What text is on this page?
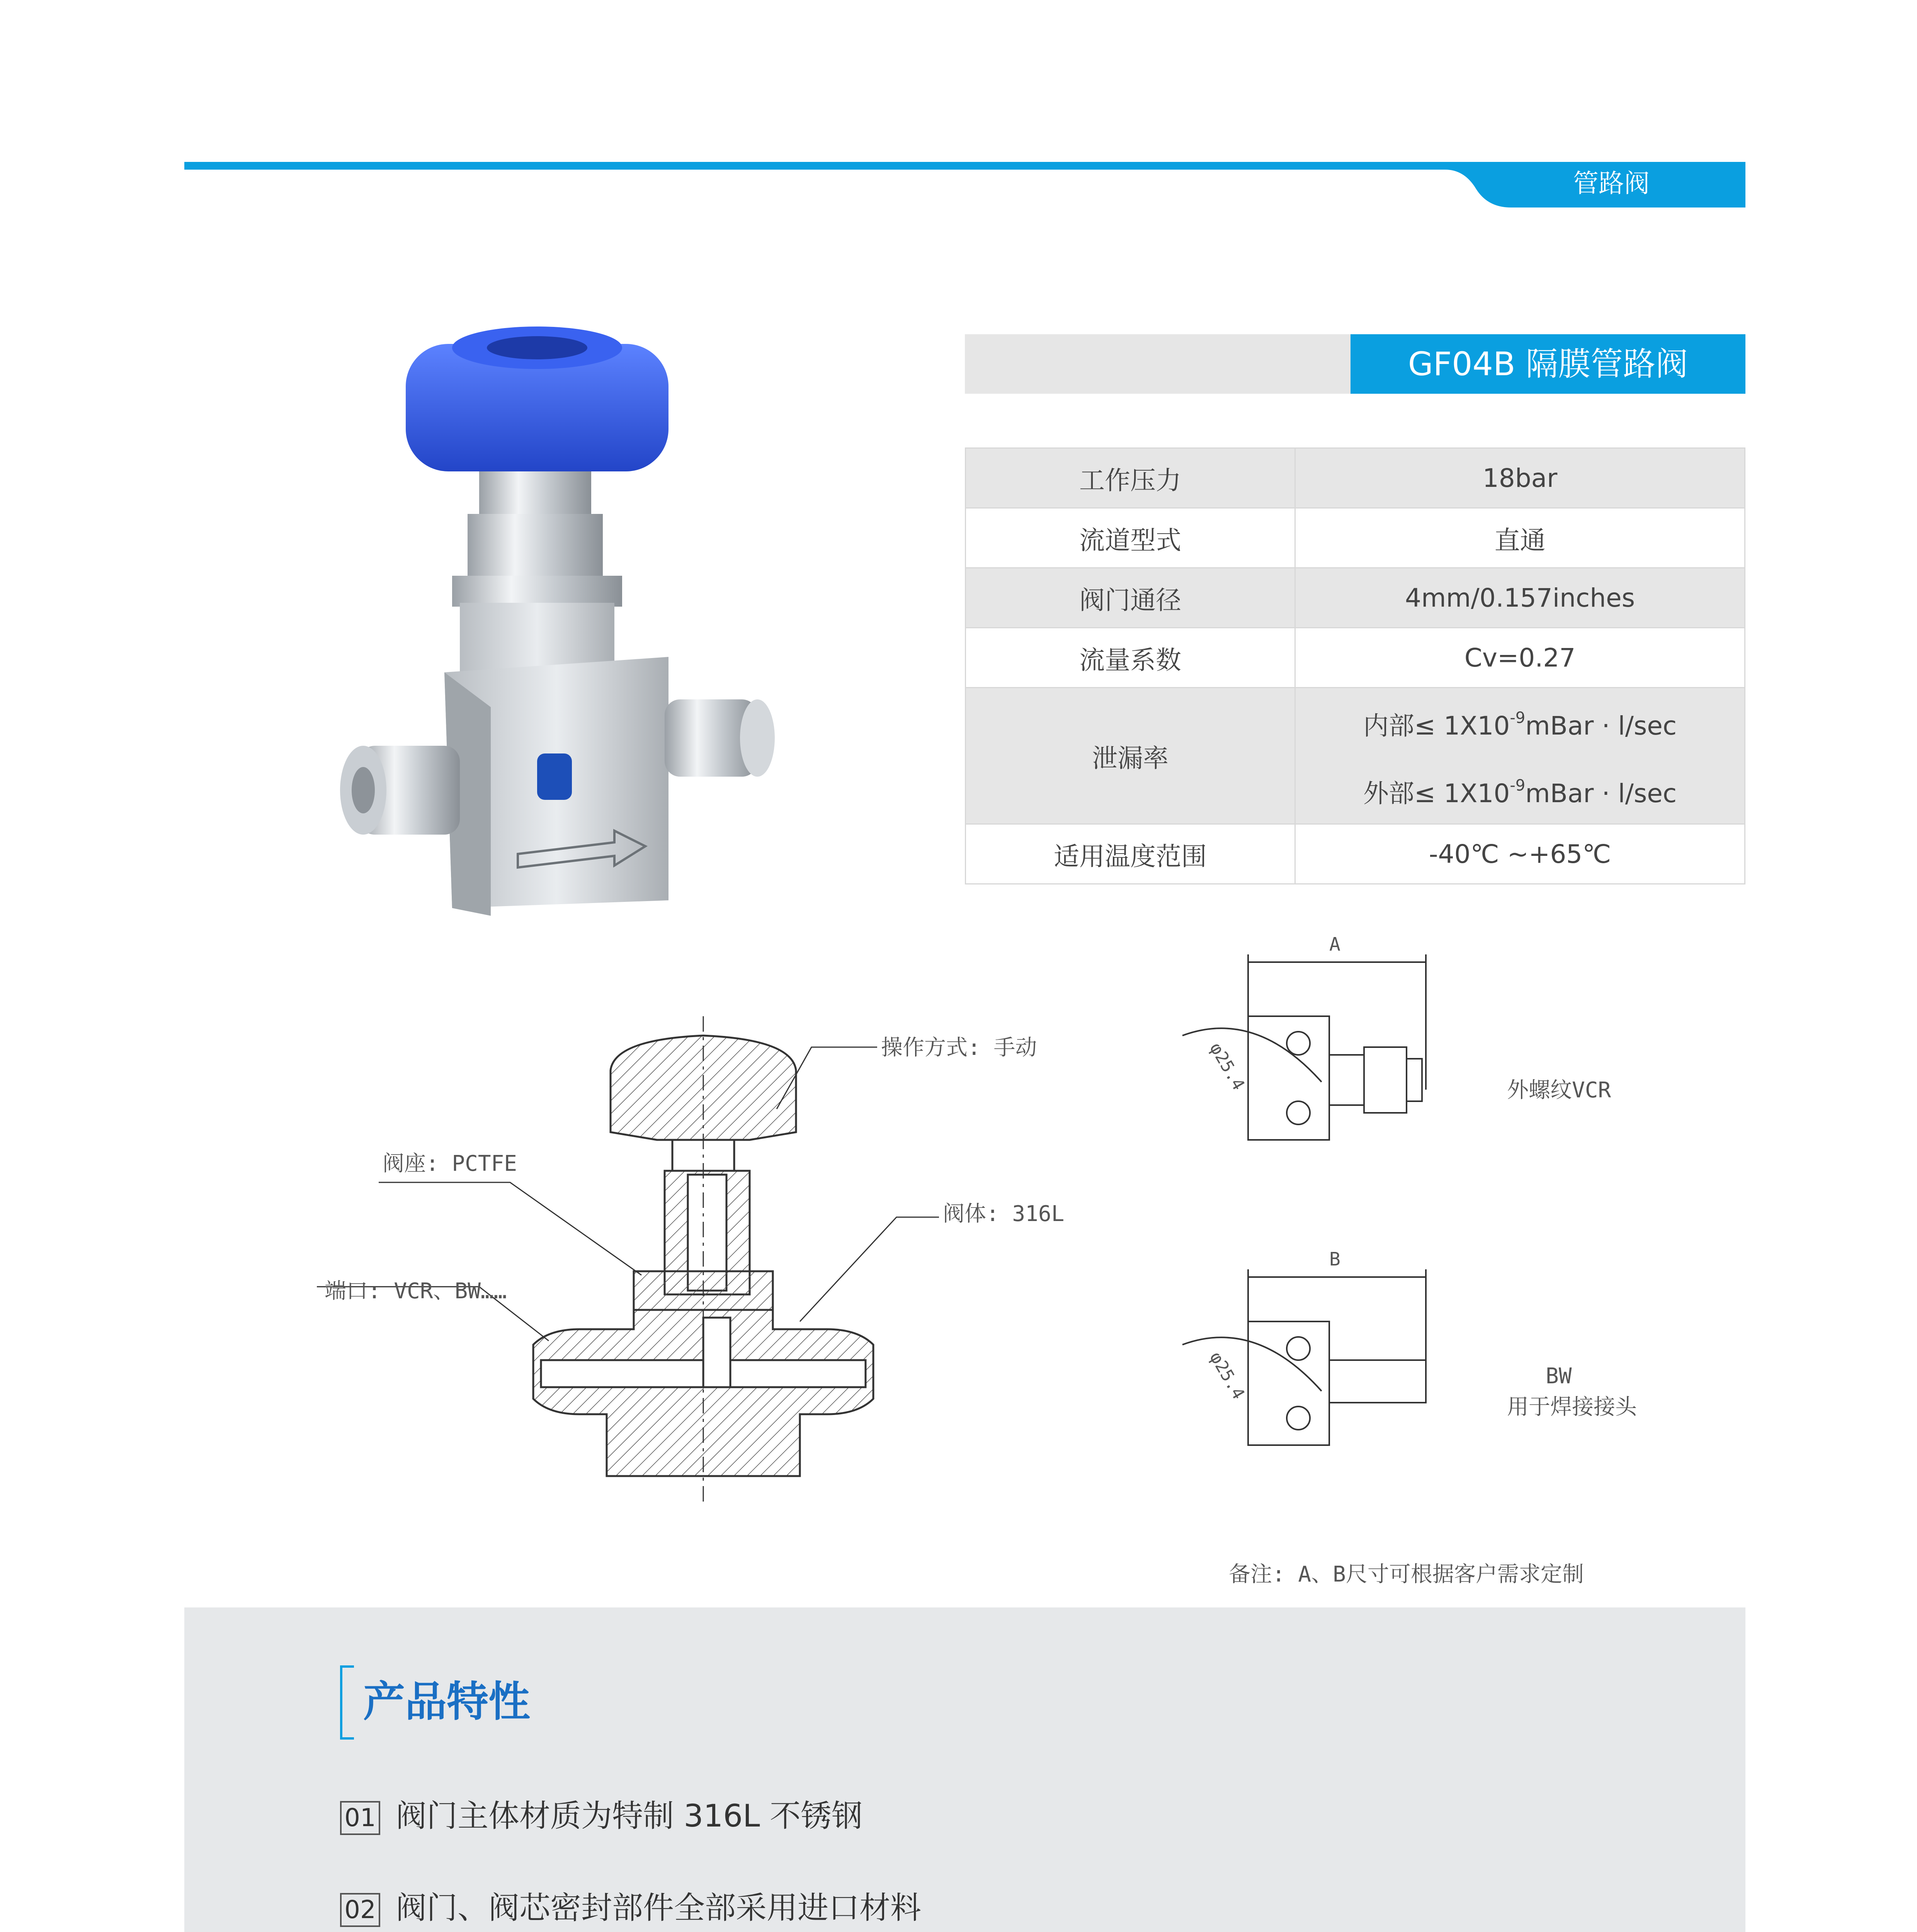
管路阀
GF04B 隔膜管路阀
工作压力	18bar
流道型式	直通
阀门通径	4mm/0.157inches
流量系数	Cv=0.27
泄漏率	内部≤ $1X10^{-9}mBar \cdot l/\sec$
外部≤ $1X10^{-9}mBar \cdot l/\sec$

适用温度范围	-40℃ ~+65℃
操作方式: 手动
阀座: PCTFE
阀体: 316L
端口: VCR、BW……
A
B
φ25.4
φ25.4
外螺纹VCR
BW
用于焊接接头
备注: A、B尺寸可根据客户需求定制
产品特性
01 阀门主体材质为特制 316L 不锈钢
02 阀门、阀芯密封部件全部采用进口材料
